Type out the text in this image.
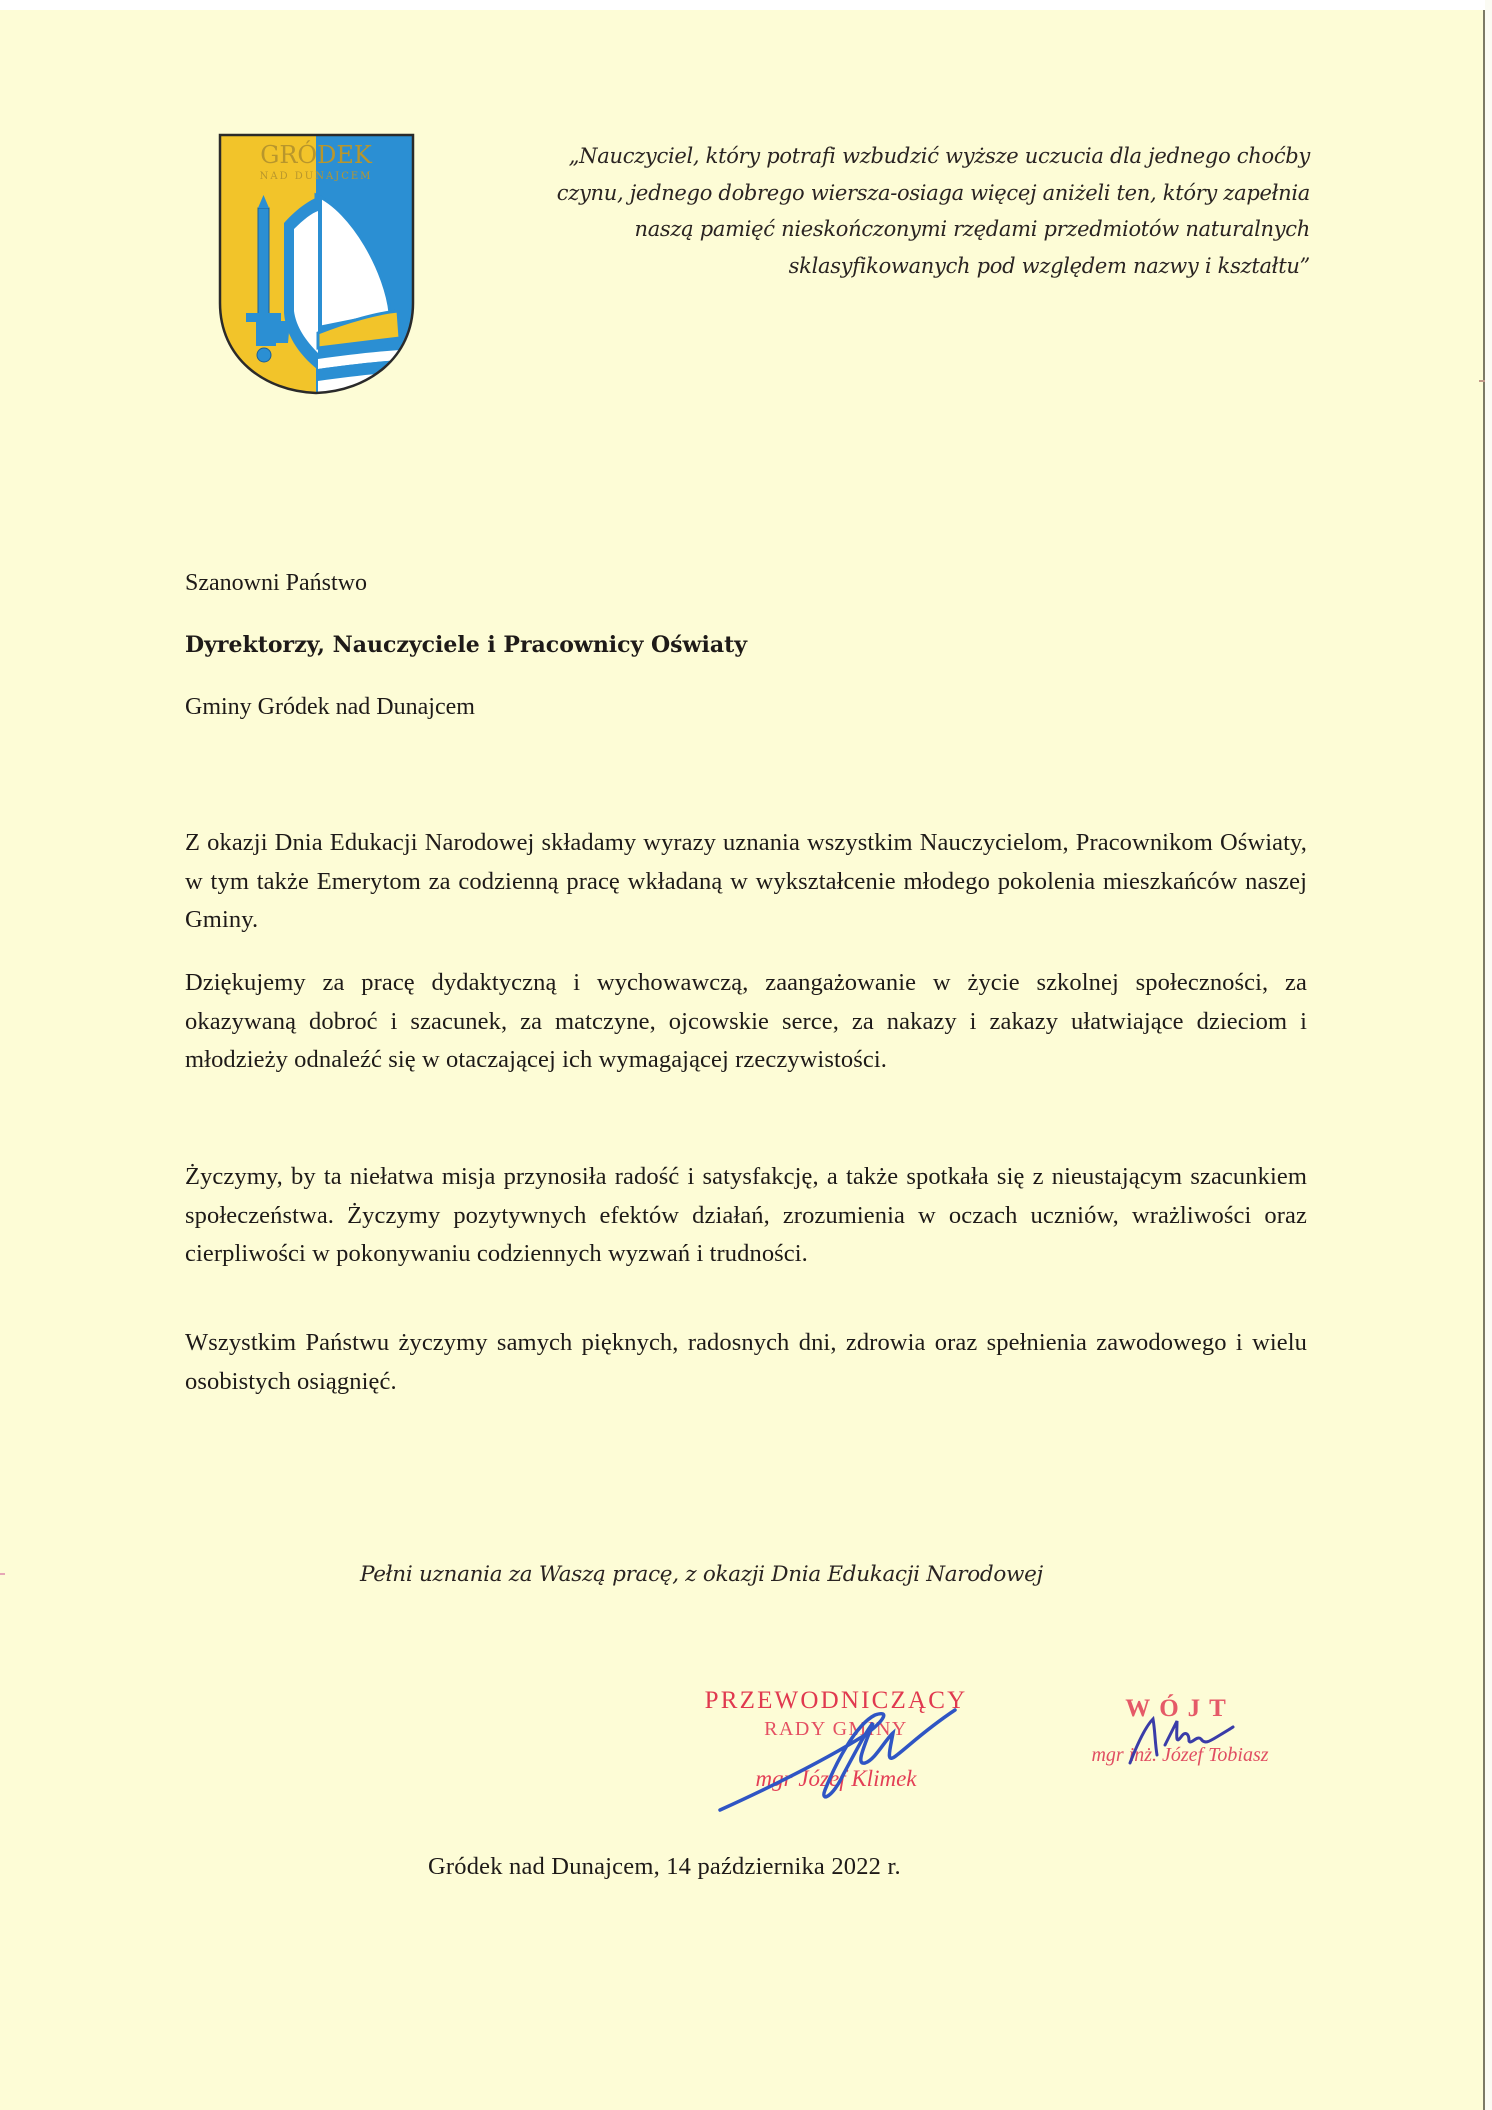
GRÓDEK
NAD DUNAJCEM
„Nauczyciel, który potrafi wzbudzić wyższe uczucia dla jednego choćby
czynu, jednego dobrego wiersza-osiaga więcej aniżeli ten, który zapełnia
naszą pamięć nieskończonymi rzędami przedmiotów naturalnych
sklasyfikowanych pod względem nazwy i kształtu”
Szanowni Państwo
Dyrektorzy, Nauczyciele i Pracownicy Oświaty
Gminy Gródek nad Dunajcem
Z okazji Dnia Edukacji Narodowej składamy wyrazy uznania wszystkim Nauczycielom, Pracownikom Oświaty, w tym także Emerytom za codzienną pracę wkładaną w wykształcenie młodego pokolenia mieszkańców naszej Gminy.
Dziękujemy za pracę dydaktyczną i wychowawczą, zaangażowanie w życie szkolnej społeczności, za okazywaną dobroć i szacunek, za matczyne, ojcowskie serce, za nakazy i zakazy ułatwiające dzieciom i młodzieży odnaleźć się w otaczającej ich wymagającej rzeczywistości.
Życzymy, by ta niełatwa misja przynosiła radość i satysfakcję, a także spotkała się z nieustającym szacunkiem społeczeństwa. Życzymy pozytywnych efektów działań, zrozumienia w oczach uczniów, wrażliwości oraz cierpliwości w pokonywaniu codziennych wyzwań i trudności.
Wszystkim Państwu życzymy samych pięknych, radosnych dni, zdrowia oraz spełnienia zawodowego i wielu osobistych osiągnięć.
Pełni uznania za Waszą pracę, z okazji Dnia Edukacji Narodowej
PRZEWODNICZĄCY
RADY GMINY
mgr Józef Klimek
WÓJT
mgr inż. Józef Tobiasz
Gródek nad Dunajcem, 14 października 2022 r.
